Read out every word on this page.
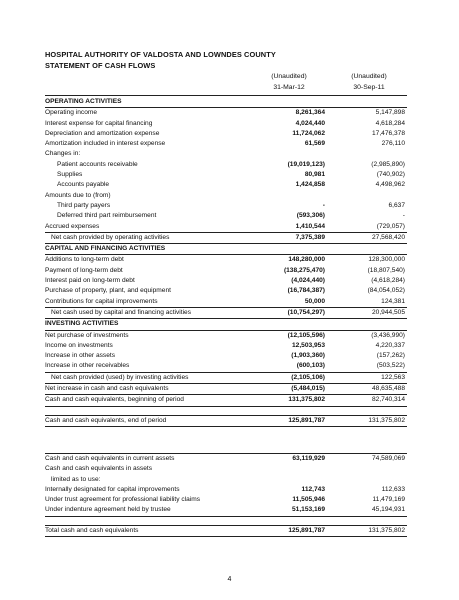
HOSPITAL AUTHORITY OF VALDOSTA AND LOWNDES COUNTY
STATEMENT OF CASH FLOWS
(Unaudited)	(Unaudited)
31-Mar-12	30-Sep-11
OPERATING ACTIVITIES
Operating income	8,261,364	5,147,898
Interest expense for capital financing	4,024,440	4,618,284
Depreciation and amortization expense	11,724,062	17,476,378
Amortization included in interest expense	61,569	276,110
Changes in:
Patient accounts receivable	(19,019,123)	(2,985,890)
Supplies	80,981	(740,902)
Accounts payable	1,424,858	4,498,962
Amounts due to (from)
Third party payers	-	6,637
Deferred third part reimbursement	(593,306)	-
Accrued expenses	1,410,544	(729,057)
Net cash provided by operating activities	7,375,389	27,568,420
CAPITAL AND FINANCING ACTIVITIES
Additions to long-term debt	148,280,000	128,300,000
Payment of long-term debt	(138,275,470)	(18,807,540)
Interest paid on long-term debt	(4,024,440)	(4,618,284)
Purchase of property, plant, and equipment	(16,784,387)	(84,054,052)
Contributions for capital improvements	50,000	124,381
Net cash used by capital and financing activities	(10,754,297)	20,944,505
INVESTING ACTIVITIES
Net purchase of investments	(12,105,596)	(3,436,990)
Income on investments	12,503,953	4,220,337
Increase in other assets	(1,903,360)	(157,262)
Increase in other receivables	(600,103)	(503,522)
Net cash provided (used) by investing activities	(2,105,106)	122,563
Net increase in cash and cash equivalents	(5,484,015)	48,635,488
Cash and cash equivalents, beginning of period	131,375,802	82,740,314
Cash and cash equivalents, end of period	125,891,787	131,375,802
Cash and cash equivalents in current assets	63,119,929	74,589,069
Cash and cash equivalents in assets
limited as to use:
Internally designated for capital improvements	112,743	112,633
Under trust agreement for professional liability claims	11,505,946	11,479,169
Under indenture agreement held by trustee	51,153,169	45,194,931
Total cash and cash equivalents	125,891,787	131,375,802
4
